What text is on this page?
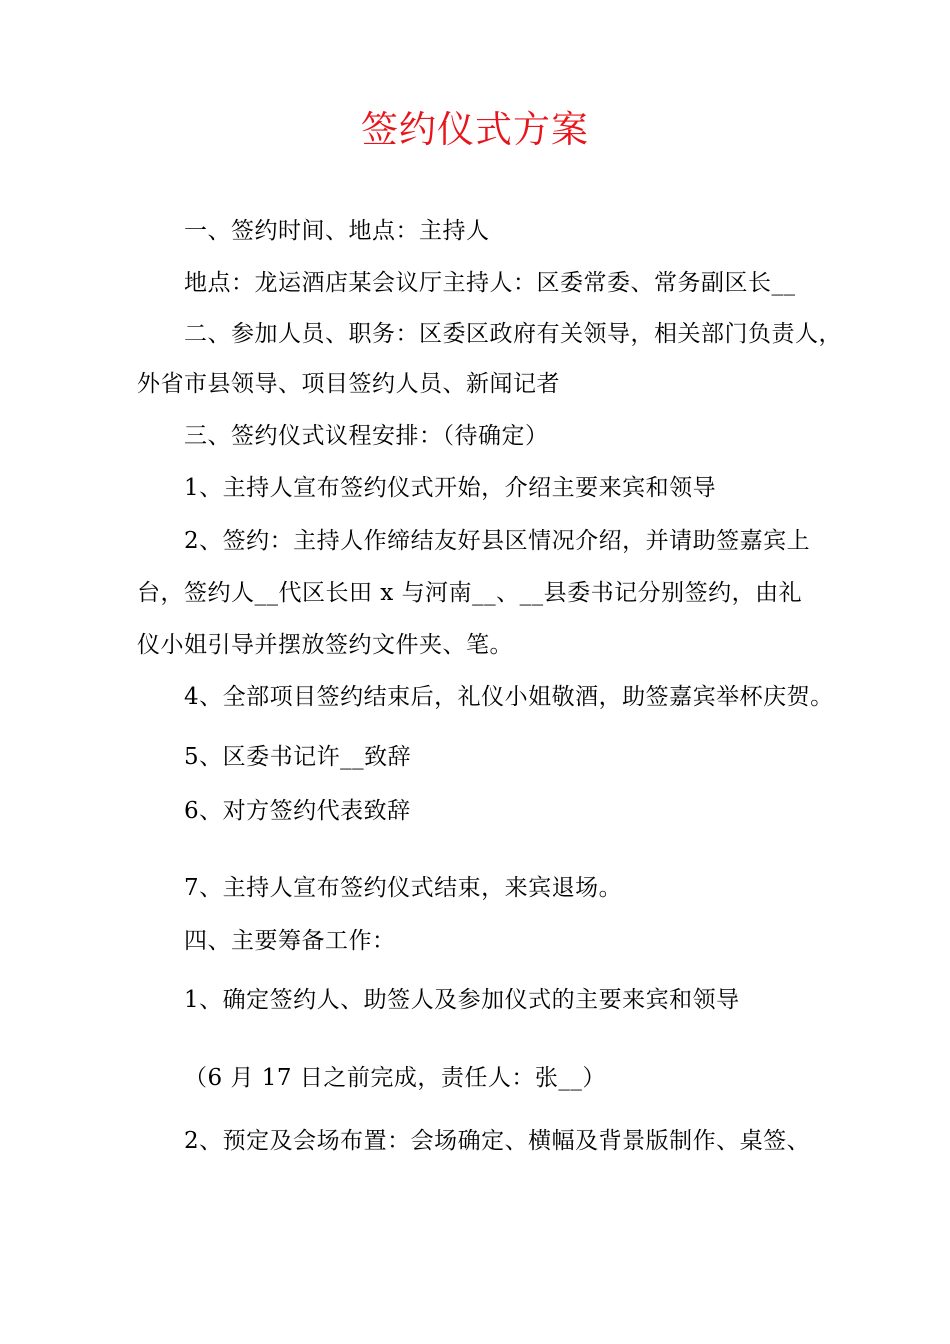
签约仪式方案
一、签约时间、地点：主持人
地点：龙运酒店某会议厅主持人：区委常委、常务副区长__
二、参加人员、职务：区委区政府有关领导，相关部门负责人，
外省市县领导、项目签约人员、新闻记者
三、签约仪式议程安排：（待确定）
1、主持人宣布签约仪式开始，介绍主要来宾和领导
2、签约：主持人作缔结友好县区情况介绍，并请助签嘉宾上
台，签约人__代区长田 x 与河南__、__县委书记分别签约，由礼
仪小姐引导并摆放签约文件夹、笔。
4、全部项目签约结束后，礼仪小姐敬酒，助签嘉宾举杯庆贺。
5、区委书记许__致辞
6、对方签约代表致辞
7、主持人宣布签约仪式结束，来宾退场。
四、主要筹备工作：
1、确定签约人、助签人及参加仪式的主要来宾和领导
（6 月 17 日之前完成，责任人：张__）
2、预定及会场布置：会场确定、横幅及背景版制作、桌签、
